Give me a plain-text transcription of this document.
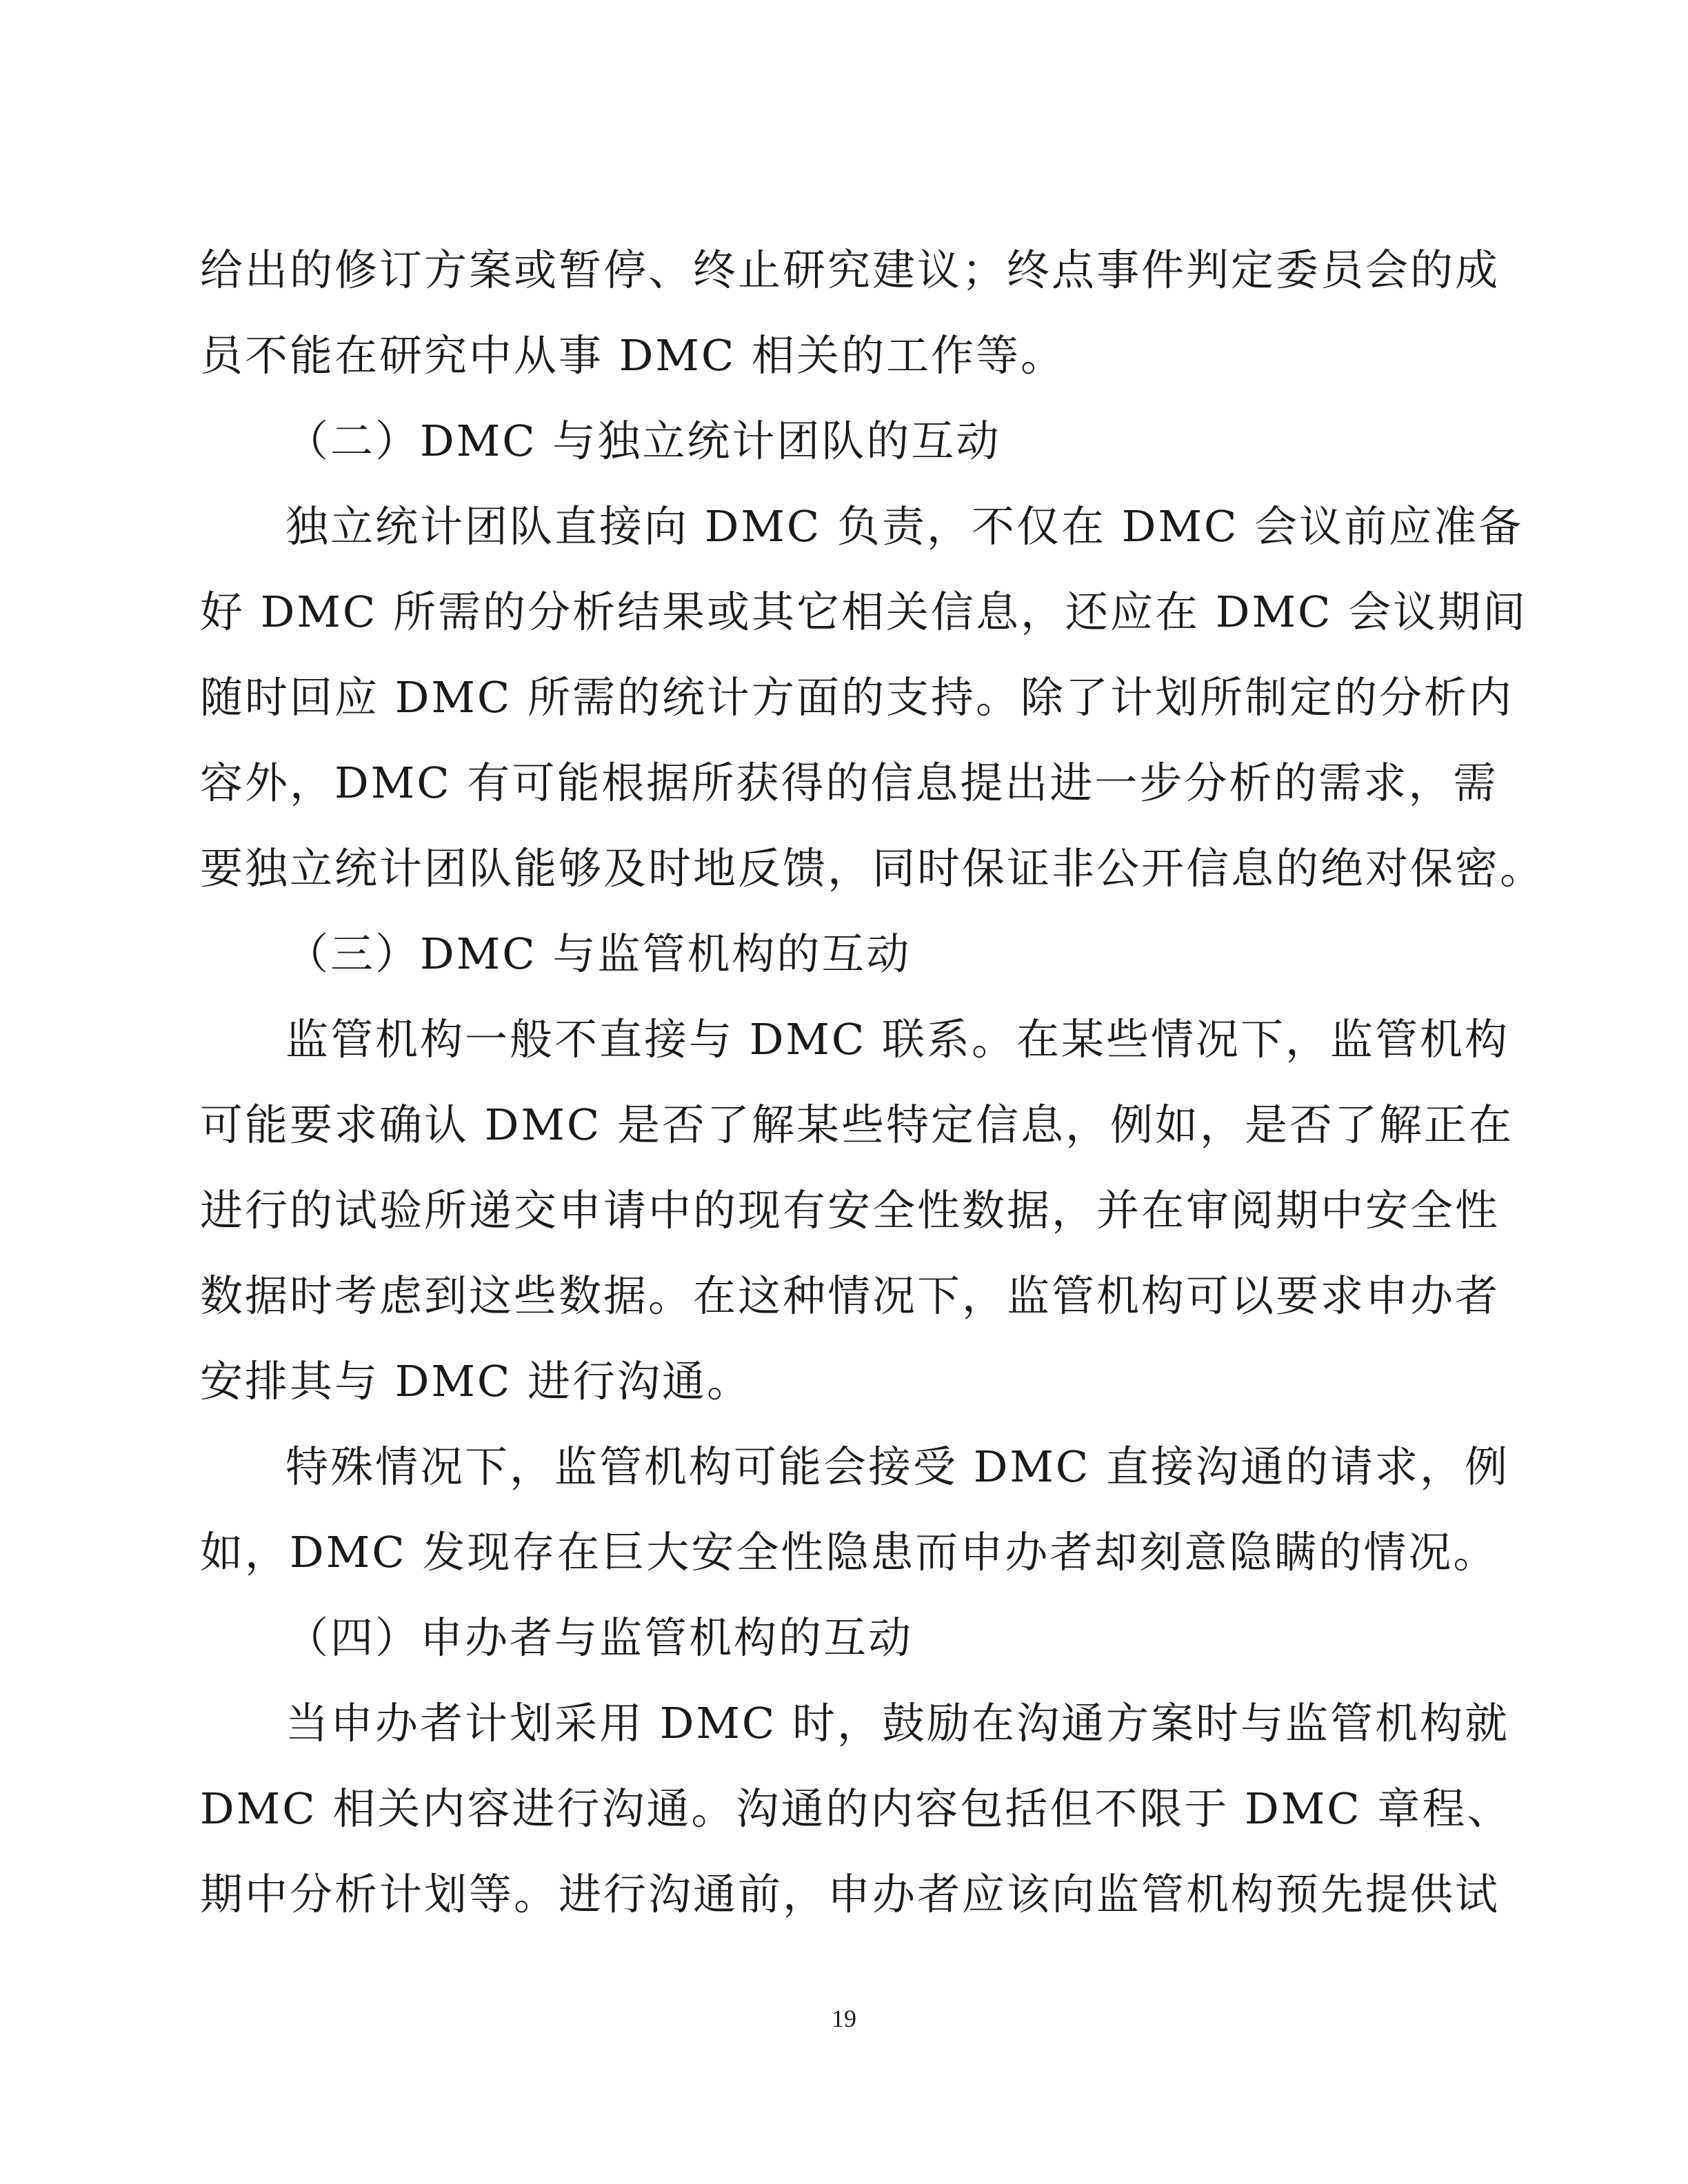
给出的修订方案或暂停、终止研究建议；终点事件判定委员会的成
员不能在研究中从事 DMC 相关的工作等。
（二）DMC 与独立统计团队的互动
独立统计团队直接向 DMC 负责，不仅在 DMC 会议前应准备
好 DMC 所需的分析结果或其它相关信息，还应在 DMC 会议期间
随时回应 DMC 所需的统计方面的支持。除了计划所制定的分析内
容外，DMC 有可能根据所获得的信息提出进一步分析的需求，需
要独立统计团队能够及时地反馈，同时保证非公开信息的绝对保密。
（三）DMC 与监管机构的互动
监管机构一般不直接与 DMC 联系。在某些情况下，监管机构
可能要求确认 DMC 是否了解某些特定信息，例如，是否了解正在
进行的试验所递交申请中的现有安全性数据，并在审阅期中安全性
数据时考虑到这些数据。在这种情况下，监管机构可以要求申办者
安排其与 DMC 进行沟通。
特殊情况下，监管机构可能会接受 DMC 直接沟通的请求，例
如，DMC 发现存在巨大安全性隐患而申办者却刻意隐瞒的情况。
（四）申办者与监管机构的互动
当申办者计划采用 DMC 时，鼓励在沟通方案时与监管机构就
DMC 相关内容进行沟通。沟通的内容包括但不限于 DMC 章程、
期中分析计划等。进行沟通前，申办者应该向监管机构预先提供试
19
